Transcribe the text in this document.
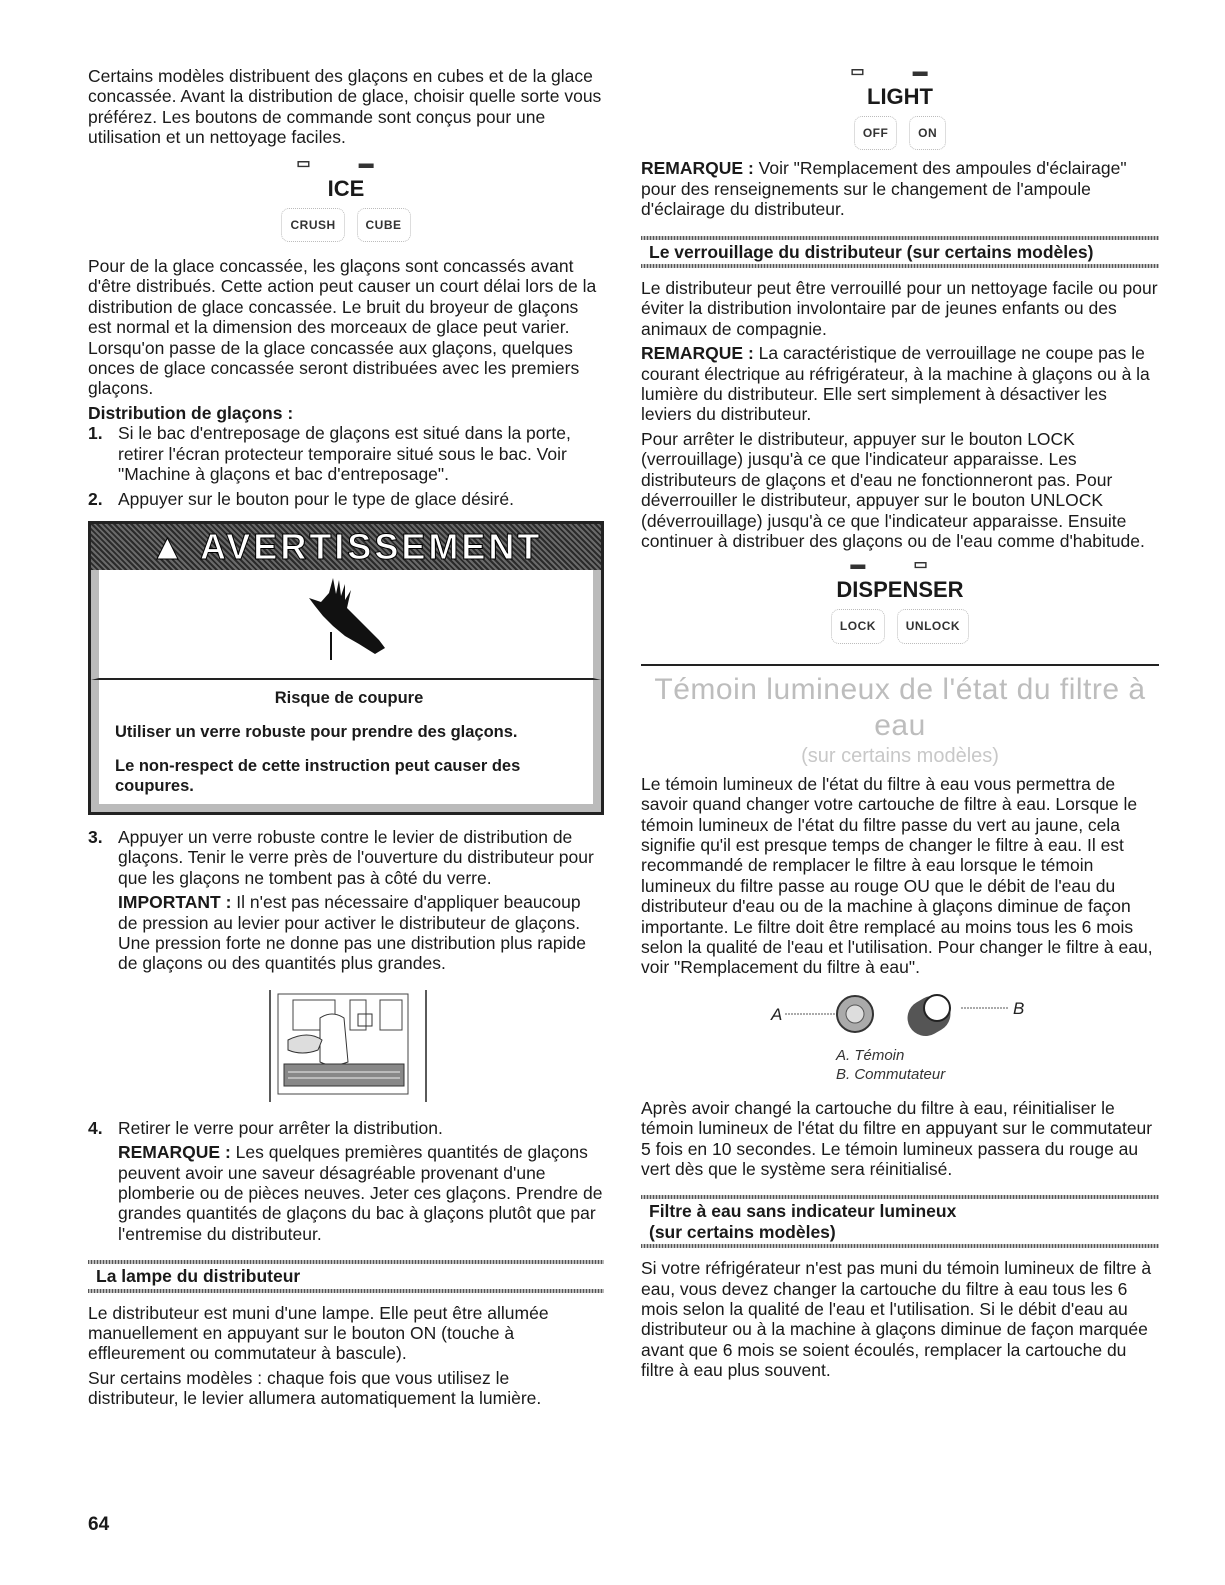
Certains modèles distribuent des glaçons en cubes et de la glace concassée. Avant la distribution de glace, choisir quelle sorte vous préférez. Les boutons de commande sont conçus pour une utilisation et un nettoyage faciles.

▭ ▬
ICE
CRUSH CUBE

Pour de la glace concassée, les glaçons sont concassés avant d'être distribués. Cette action peut causer un court délai lors de la distribution de glace concassée. Le bruit du broyeur de glaçons est normal et la dimension des morceaux de glace peut varier. Lorsqu'on passe de la glace concassée aux glaçons, quelques onces de glace concassée seront distribuées avec les premiers glaçons.

Distribution de glaçons :
1. Si le bac d'entreposage de glaçons est situé dans la porte, retirer l'écran protecteur temporaire situé sous le bac. Voir "Machine à glaçons et bac d'entreposage".
2. Appuyer sur le bouton pour le type de glace désiré.
▲ AVERTISSEMENT
Risque de coupure

Utiliser un verre robuste pour prendre des glaçons.

Le non-respect de cette instruction peut causer des coupures.

3. Appuyer un verre robuste contre le levier de distribution de glaçons. Tenir le verre près de l'ouverture du distributeur pour que les glaçons ne tombent pas à côté du verre.

IMPORTANT : Il n'est pas nécessaire d'appliquer beaucoup de pression au levier pour activer le distributeur de glaçons. Une pression forte ne donne pas une distribution plus rapide de glaçons ou des quantités plus grandes.

4. Retirer le verre pour arrêter la distribution.

REMARQUE : Les quelques premières quantités de glaçons peuvent avoir une saveur désagréable provenant d'une plomberie ou de pièces neuves. Jeter ces glaçons. Prendre de grandes quantités de glaçons du bac à glaçons plutôt que par l'entremise du distributeur.

La lampe du distributeur

Le distributeur est muni d'une lampe. Elle peut être allumée manuellement en appuyant sur le bouton ON (touche à effleurement ou commutateur à bascule).

Sur certains modèles : chaque fois que vous utilisez le distributeur, le levier allumera automatiquement la lumière.

▭ ▬
LIGHT
OFF ON

REMARQUE : Voir "Remplacement des ampoules d'éclairage" pour des renseignements sur le changement de l'ampoule d'éclairage du distributeur.

Le verrouillage du distributeur (sur certains modèles)

Le distributeur peut être verrouillé pour un nettoyage facile ou pour éviter la distribution involontaire par de jeunes enfants ou des animaux de compagnie.

REMARQUE : La caractéristique de verrouillage ne coupe pas le courant électrique au réfrigérateur, à la machine à glaçons ou à la lumière du distributeur. Elle sert simplement à désactiver les leviers du distributeur.

Pour arrêter le distributeur, appuyer sur le bouton LOCK (verrouillage) jusqu'à ce que l'indicateur apparaisse. Les distributeurs de glaçons et d'eau ne fonctionneront pas. Pour déverrouiller le distributeur, appuyer sur le bouton UNLOCK (déverrouillage) jusqu'à ce que l'indicateur apparaisse. Ensuite continuer à distribuer des glaçons ou de l'eau comme d'habitude.

▬ ▭
DISPENSER
LOCK UNLOCK
Témoin lumineux de l'état du filtre à eau
(sur certains modèles)

Le témoin lumineux de l'état du filtre à eau vous permettra de savoir quand changer votre cartouche de filtre à eau. Lorsque le témoin lumineux de l'état du filtre passe du vert au jaune, cela signifie qu'il est presque temps de changer le filtre à eau. Il est recommandé de remplacer le filtre à eau lorsque le témoin lumineux du filtre passe au rouge OU que le débit de l'eau du distributeur d'eau ou de la machine à glaçons diminue de façon importante. Le filtre doit être remplacé au moins tous les 6 mois selon la qualité de l'eau et l'utilisation. Pour changer le filtre à eau, voir "Remplacement du filtre à eau".

A	B
A. Témoin
B. Commutateur

Après avoir changé la cartouche du filtre à eau, réinitialiser le témoin lumineux de l'état du filtre en appuyant sur le commutateur 5 fois en 10 secondes. Le témoin lumineux passera du rouge au vert dès que le système sera réinitialisé.

Filtre à eau sans indicateur lumineux
(sur certains modèles)

Si votre réfrigérateur n'est pas muni du témoin lumineux de filtre à eau, vous devez changer la cartouche du filtre à eau tous les 6 mois selon la qualité de l'eau et l'utilisation. Si le débit d'eau au distributeur ou à la machine à glaçons diminue de façon marquée avant que 6 mois se soient écoulés, remplacer la cartouche du filtre à eau plus souvent.

64
